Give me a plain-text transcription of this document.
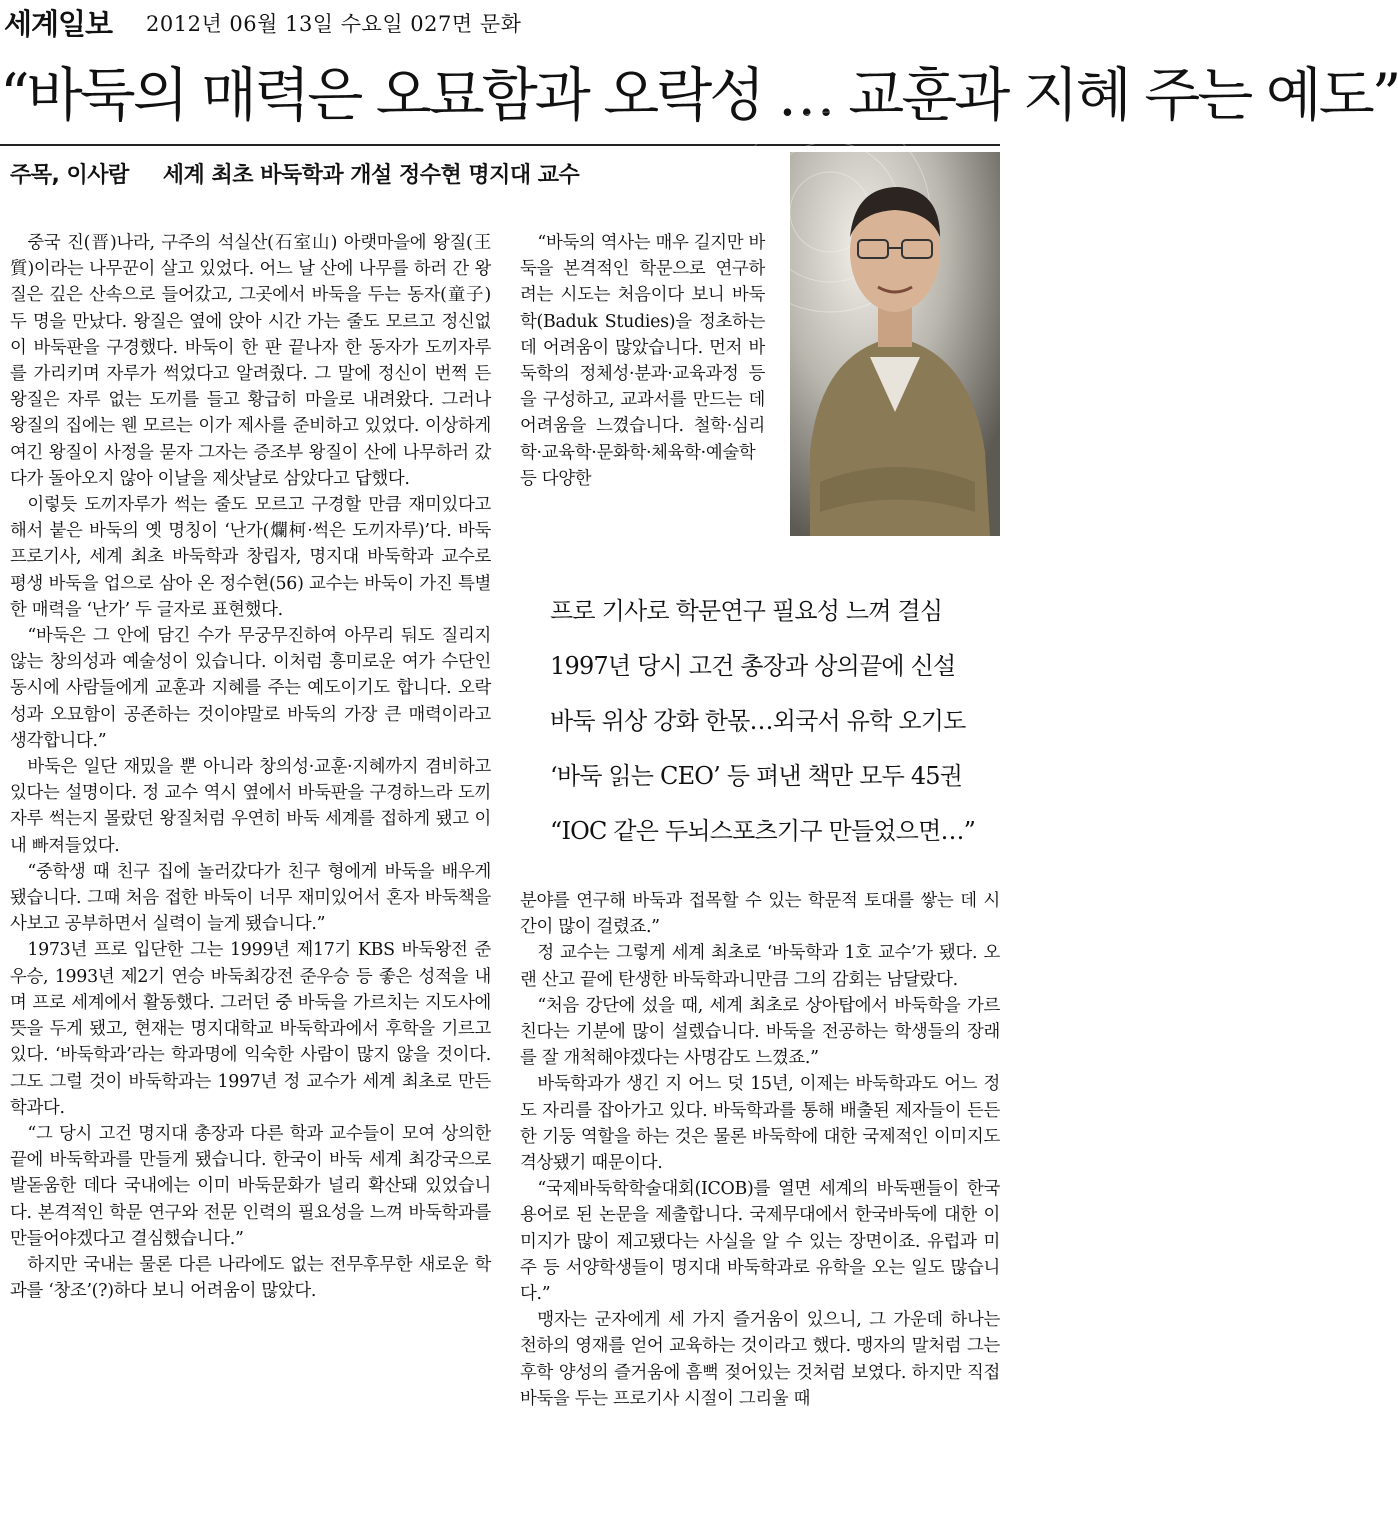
세계일보 2012년 06월 13일 수요일 027면 문화
“바둑의 매력은 오묘함과 오락성 … 교훈과 지혜 주는 예도”
주목, 이사람 세계 최초 바둑학과 개설 정수현 명지대 교수

중국 진(晋)나라, 구주의 석실산(石室山) 아랫마을에 왕질(王質)이라는 나무꾼이 살고 있었다. 어느 날 산에 나무를 하러 간 왕질은 깊은 산속으로 들어갔고, 그곳에서 바둑을 두는 동자(童子) 두 명을 만났다. 왕질은 옆에 앉아 시간 가는 줄도 모르고 정신없이 바둑판을 구경했다. 바둑이 한 판 끝나자 한 동자가 도끼자루를 가리키며 자루가 썩었다고 알려줬다. 그 말에 정신이 번쩍 든 왕질은 자루 없는 도끼를 들고 황급히 마을로 내려왔다. 그러나 왕질의 집에는 웬 모르는 이가 제사를 준비하고 있었다. 이상하게 여긴 왕질이 사정을 묻자 그자는 증조부 왕질이 산에 나무하러 갔다가 돌아오지 않아 이날을 제삿날로 삼았다고 답했다.

이렇듯 도끼자루가 썩는 줄도 모르고 구경할 만큼 재미있다고 해서 붙은 바둑의 옛 명칭이 ‘난가(爛柯·썩은 도끼자루)’다. 바둑 프로기사, 세계 최초 바둑학과 창립자, 명지대 바둑학과 교수로 평생 바둑을 업으로 삼아 온 정수현(56) 교수는 바둑이 가진 특별한 매력을 ‘난가’ 두 글자로 표현했다.

“바둑은 그 안에 담긴 수가 무궁무진하여 아무리 둬도 질리지 않는 창의성과 예술성이 있습니다. 이처럼 흥미로운 여가 수단인 동시에 사람들에게 교훈과 지혜를 주는 예도이기도 합니다. 오락성과 오묘함이 공존하는 것이야말로 바둑의 가장 큰 매력이라고 생각합니다.”

바둑은 일단 재밌을 뿐 아니라 창의성·교훈·지혜까지 겸비하고 있다는 설명이다. 정 교수 역시 옆에서 바둑판을 구경하느라 도끼자루 썩는지 몰랐던 왕질처럼 우연히 바둑 세계를 접하게 됐고 이내 빠져들었다.

“중학생 때 친구 집에 놀러갔다가 친구 형에게 바둑을 배우게 됐습니다. 그때 처음 접한 바둑이 너무 재미있어서 혼자 바둑책을 사보고 공부하면서 실력이 늘게 됐습니다.”

1973년 프로 입단한 그는 1999년 제17기 KBS 바둑왕전 준우승, 1993년 제2기 연승 바둑최강전 준우승 등 좋은 성적을 내며 프로 세계에서 활동했다. 그러던 중 바둑을 가르치는 지도사에 뜻을 두게 됐고, 현재는 명지대학교 바둑학과에서 후학을 기르고 있다. ‘바둑학과’라는 학과명에 익숙한 사람이 많지 않을 것이다. 그도 그럴 것이 바둑학과는 1997년 정 교수가 세계 최초로 만든 학과다.

“그 당시 고건 명지대 총장과 다른 학과 교수들이 모여 상의한 끝에 바둑학과를 만들게 됐습니다. 한국이 바둑 세계 최강국으로 발돋움한 데다 국내에는 이미 바둑문화가 널리 확산돼 있었습니다. 본격적인 학문 연구와 전문 인력의 필요성을 느껴 바둑학과를 만들어야겠다고 결심했습니다.”

하지만 국내는 물론 다른 나라에도 없는 전무후무한 새로운 학과를 ‘창조’(?)하다 보니 어려움이 많았다.

“바둑의 역사는 매우 길지만 바둑을 본격적인 학문으로 연구하려는 시도는 처음이다 보니 바둑학(Baduk Studies)을 정초하는 데 어려움이 많았습니다. 먼저 바둑학의 정체성·분과·교육과정 등을 구성하고, 교과서를 만드는 데 어려움을 느꼈습니다. 철학·심리학·교육학·문화학·체육학·예술학 등 다양한

프로 기사로 학문연구 필요성 느껴 결심
1997년 당시 고건 총장과 상의끝에 신설
바둑 위상 강화 한몫…외국서 유학 오기도
‘바둑 읽는 CEO’ 등 펴낸 책만 모두 45권
“IOC 같은 두뇌스포츠기구 만들었으면…”

분야를 연구해 바둑과 접목할 수 있는 학문적 토대를 쌓는 데 시간이 많이 걸렸죠.”

정 교수는 그렇게 세계 최초로 ‘바둑학과 1호 교수’가 됐다. 오랜 산고 끝에 탄생한 바둑학과니만큼 그의 감회는 남달랐다.

“처음 강단에 섰을 때, 세계 최초로 상아탑에서 바둑학을 가르친다는 기분에 많이 설렜습니다. 바둑을 전공하는 학생들의 장래를 잘 개척해야겠다는 사명감도 느꼈죠.”

바둑학과가 생긴 지 어느 덧 15년, 이제는 바둑학과도 어느 정도 자리를 잡아가고 있다. 바둑학과를 통해 배출된 제자들이 든든한 기둥 역할을 하는 것은 물론 바둑학에 대한 국제적인 이미지도 격상됐기 때문이다.

“국제바둑학학술대회(ICOB)를 열면 세계의 바둑팬들이 한국 용어로 된 논문을 제출합니다. 국제무대에서 한국바둑에 대한 이미지가 많이 제고됐다는 사실을 알 수 있는 장면이죠. 유럽과 미주 등 서양학생들이 명지대 바둑학과로 유학을 오는 일도 많습니다.”

맹자는 군자에게 세 가지 즐거움이 있으니, 그 가운데 하나는 천하의 영재를 얻어 교육하는 것이라고 했다. 맹자의 말처럼 그는 후학 양성의 즐거움에 흠뻑 젖어있는 것처럼 보였다. 하지만 직접 바둑을 두는 프로기사 시절이 그리울 때
